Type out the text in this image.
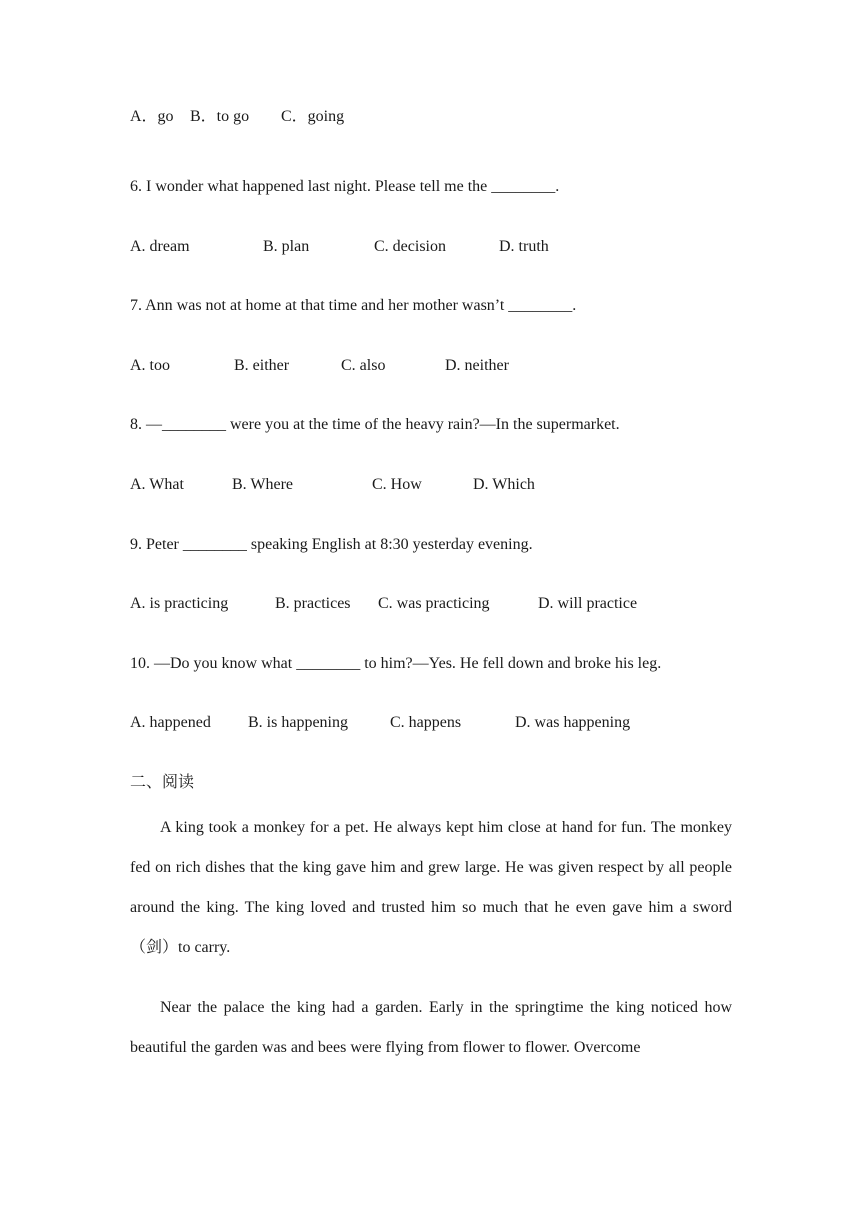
A．go B．to go C．going
6. I wonder what happened last night. Please tell me the ________.
A. dream	B. plan	C. decision	D. truth
7. Ann was not at home at that time and her mother wasn’t ________.
A. too	B. either	C. also	D. neither
8. —________ were you at the time of the heavy rain?—In the supermarket.
A. What	B. Where	C. How	D. Which
9. Peter ________ speaking English at 8:30 yesterday evening.
A. is practicing	B. practices C. was practicing	D. will practice
10. —Do you know what ________ to him?—Yes. He fell down and broke his leg.
A. happened B. is happening	C. happens	D. was happening
二、阅读

A king took a monkey for a pet. He always kept him close at hand for fun. The monkey fed on rich dishes that the king gave him and grew large. He was given respect by all people around the king. The king loved and trusted him so much that he even gave him a sword（剑）to carry.

Near the palace the king had a garden. Early in the springtime the king noticed how beautiful the garden was and bees were flying from flower to flower. Overcome
